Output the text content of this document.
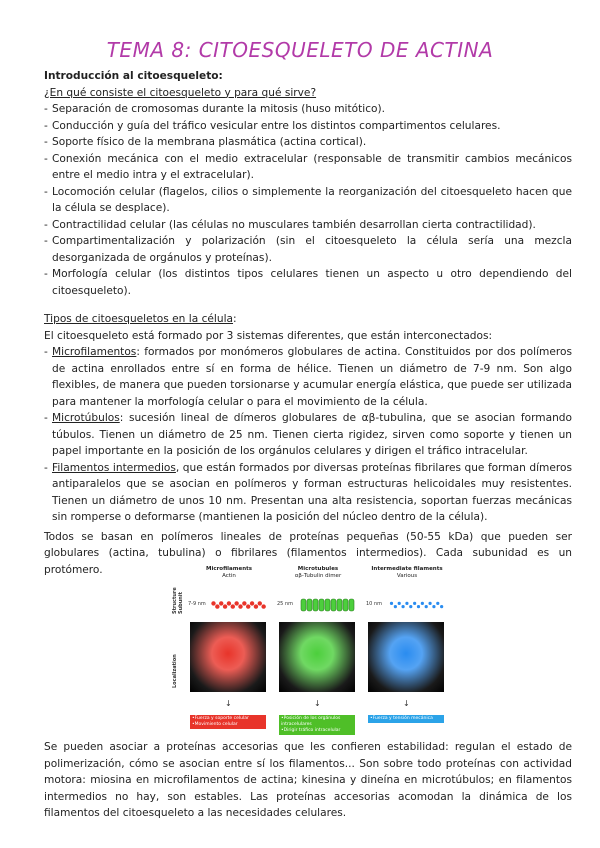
TEMA 8: CITOESQUELETO DE ACTINA
Introducción al citoesqueleto:
¿En qué consiste el citoesqueleto y para qué sirve?
- Separación de cromosomas durante la mitosis (huso mitótico).
- Conducción y guía del tráfico vesicular entre los distintos compartimentos celulares.
- Soporte físico de la membrana plasmática (actina cortical).
- Conexión mecánica con el medio extracelular (responsable de transmitir cambios mecánicos entre el medio intra y el extracelular).
- Locomoción celular (flagelos, cilios o simplemente la reorganización del citoesqueleto hacen que la célula se desplace).
- Contractilidad celular (las células no musculares también desarrollan cierta contractilidad).
- Compartimentalización y polarización (sin el citoesqueleto la célula sería una mezcla desorganizada de orgánulos y proteínas).
- Morfología celular (los distintos tipos celulares tienen un aspecto u otro dependiendo del citoesqueleto).
Tipos de citoesqueletos en la célula:
El citoesqueleto está formado por 3 sistemas diferentes, que están interconectados:
- Microfilamentos: formados por monómeros globulares de actina. Constituidos por dos polímeros de actina enrollados entre sí en forma de hélice. Tienen un diámetro de 7-9 nm. Son algo flexibles, de manera que pueden torsionarse y acumular energía elástica, que puede ser utilizada para mantener la morfología celular o para el movimiento de la célula.
- Microtúbulos: sucesión lineal de dímeros globulares de αβ-tubulina, que se asocian formando túbulos. Tienen un diámetro de 25 nm. Tienen cierta rigidez, sirven como soporte y tienen un papel importante en la posición de los orgánulos celulares y dirigen el tráfico intracelular.
- Filamentos intermedios, que están formados por diversas proteínas fibrilares que forman dímeros antiparalelos que se asocian en polímeros y forman estructuras helicoidales muy resistentes. Tienen un diámetro de unos 10 nm. Presentan una alta resistencia, soportan fuerzas mecánicas sin romperse o deformarse (mantienen la posición del núcleo dentro de la célula).
Todos se basan en polímeros lineales de proteínas pequeñas (50-55 kDa) que pueden ser globulares (actina, tubulina) o fibrilares (filamentos intermedios). Cada subunidad es un protómero.
Structure Subunit
Localization
Microfilaments
Actin
7-9 nm
↓
•Fuerza y soporte celular
•Movimiento celular
Microtubules
αβ-Tubulin dimer
25 nm
↓
•Posición de los orgánulos intracelulares
•Dirigir tráfico intracelular
Intermediate filaments
Various
10 nm
↓
•Fuerza y tensión mecánica
Se pueden asociar a proteínas accesorias que les confieren estabilidad: regulan el estado de polimerización, cómo se asocian entre sí los filamentos... Son sobre todo proteínas con actividad motora: miosina en microfilamentos de actina; kinesina y dineína en microtúbulos; en filamentos intermedios no hay, son estables. Las proteínas accesorias acomodan la dinámica de los filamentos del citoesqueleto a las necesidades celulares.
